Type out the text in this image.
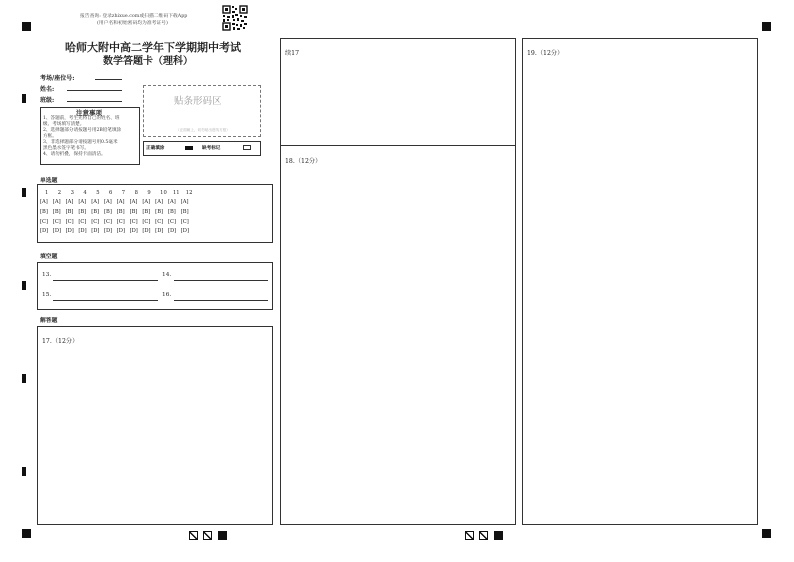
报告查询: 登录zhixue.com或扫描二维码下载App
(用户名和初始密码均为准考证号)
哈师大附中高二学年下学期期中考试
数学答题卡（理科）
考场/座位号:
姓名:
班级:	贴条形码区
（正面朝上，切勿贴出虚线方框）
注意事项
1、答题前，考生先将自己的姓名、班
级、考场填写清楚。
2、选择题部分请按题号用2B铅笔填涂
方框。
3、非选择题部分请按题号用0.5毫米
黑色墨水签字笔书写。
4、请勿折叠，保持卡面清洁。
正确填涂	缺考标记
单选题
1 2 3 4 5 6 7 8 9 10 11 12
[A] [A] [A] [A] [A] [A] [A] [A] [A] [A] [A] [A]
[B] [B] [B] [B] [B] [B] [B] [B] [B] [B] [B] [B]
[C] [C] [C] [C] [C] [C] [C] [C] [C] [C] [C] [C]
[D] [D] [D] [D] [D] [D] [D] [D] [D] [D] [D] [D]
填空题
13.	14.
15.	16.
解答题
17.（12分）
续17
18.（12分）
19.（12分）
